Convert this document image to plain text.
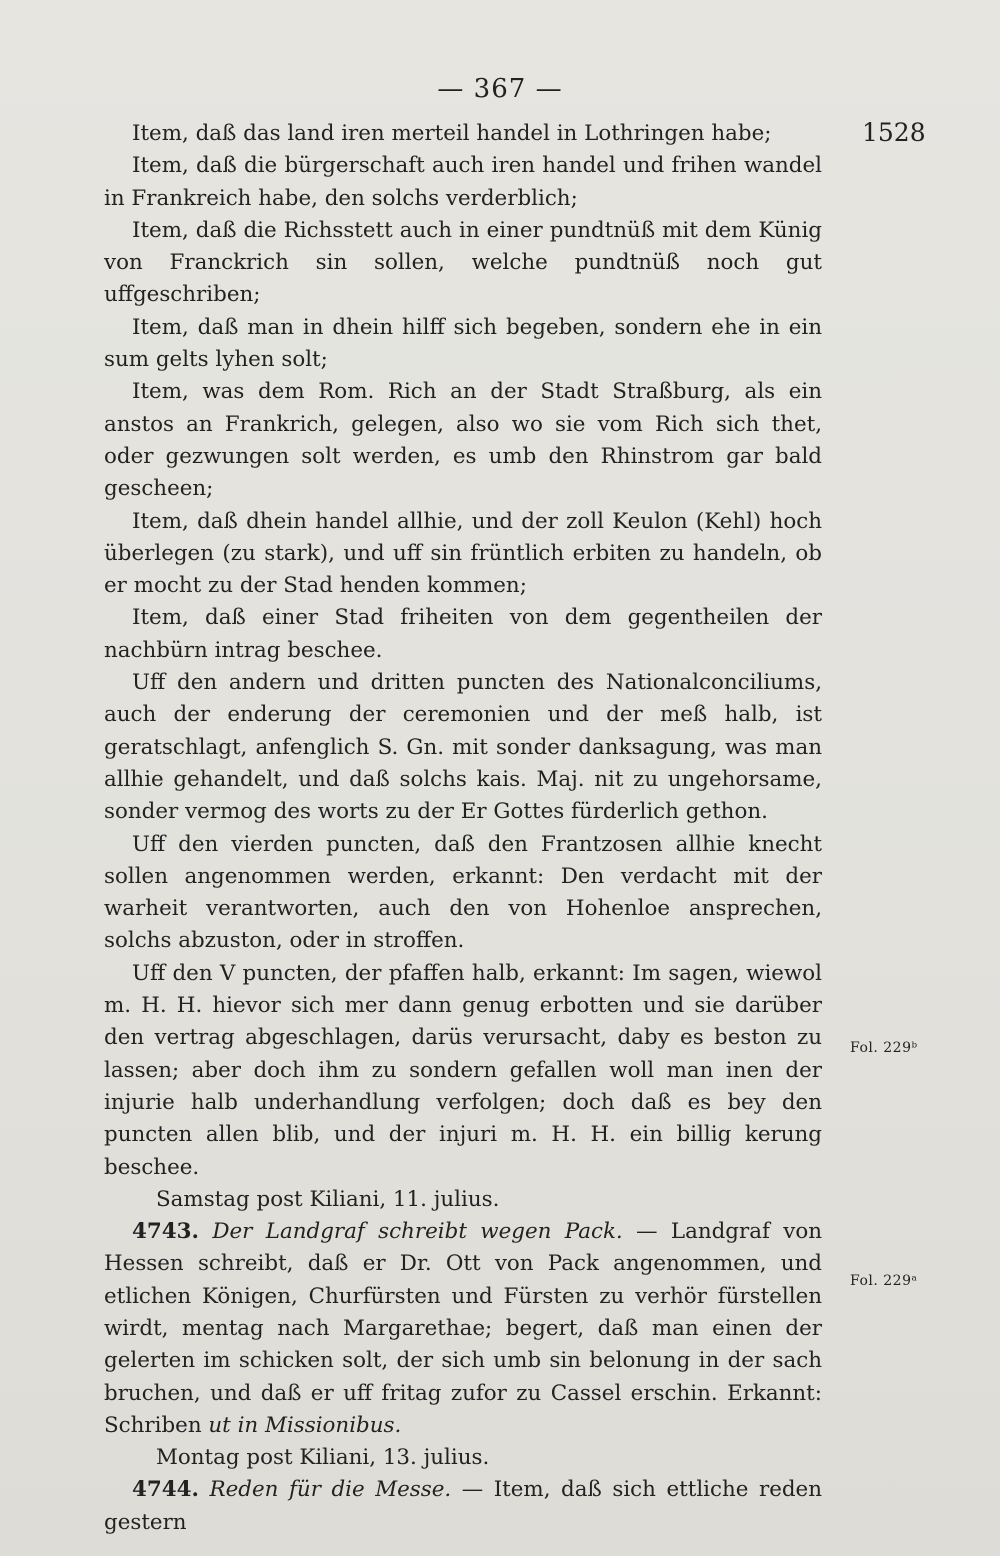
— 367 —
1528
Fol. 229ᵇ
Fol. 229ᵃ

Item, daß das land iren merteil handel in Lothringen habe;

Item, daß die bürgerschaft auch iren handel und frihen wandel in Frankreich habe, den solchs verderblich;

Item, daß die Richsstett auch in einer pundtnüß mit dem Künig von Franckrich sin sollen, welche pundtnüß noch gut uffgeschriben;

Item, daß man in dhein hilff sich begeben, sondern ehe in ein sum gelts lyhen solt;

Item, was dem Rom. Rich an der Stadt Straßburg, als ein anstos an Frankrich, gelegen, also wo sie vom Rich sich thet, oder gezwungen solt werden, es umb den Rhinstrom gar bald gescheen;

Item, daß dhein handel allhie, und der zoll Keulon (Kehl) hoch überlegen (zu stark), und uff sin früntlich erbiten zu handeln, ob er mocht zu der Stad henden kommen;

Item, daß einer Stad friheiten von dem gegentheilen der nachbürn intrag beschee.

Uff den andern und dritten puncten des Nationalconciliums, auch der enderung der ceremonien und der meß halb, ist geratschlagt, anfenglich S. Gn. mit sonder danksagung, was man allhie gehandelt, und daß solchs kais. Maj. nit zu ungehorsame, sonder vermog des worts zu der Er Gottes fürderlich gethon.

Uff den vierden puncten, daß den Frantzosen allhie knecht sollen angenommen werden, erkannt: Den verdacht mit der warheit verantworten, auch den von Hohenloe ansprechen, solchs abzuston, oder in stroffen.

Uff den V puncten, der pfaffen halb, erkannt: Im sagen, wiewol m. H. H. hievor sich mer dann genug erbotten und sie darüber den vertrag abgeschlagen, darüs verursacht, daby es beston zu lassen; aber doch ihm zu sondern gefallen woll man inen der injurie halb underhandlung verfolgen; doch daß es bey den puncten allen blib, und der injuri m. H. H. ein billig kerung beschee.

Samstag post Kiliani, 11. julius.

4743. Der Landgraf schreibt wegen Pack. — Landgraf von Hessen schreibt, daß er Dr. Ott von Pack angenommen, und etlichen Königen, Churfürsten und Fürsten zu verhör fürstellen wirdt, mentag nach Margarethae; begert, daß man einen der gelerten im schicken solt, der sich umb sin belonung in der sach bruchen, und daß er uff fritag zufor zu Cassel erschin. Erkannt: Schriben ut in Missionibus.

Montag post Kiliani, 13. julius.

4744. Reden für die Messe. — Item, daß sich ettliche reden gestern
